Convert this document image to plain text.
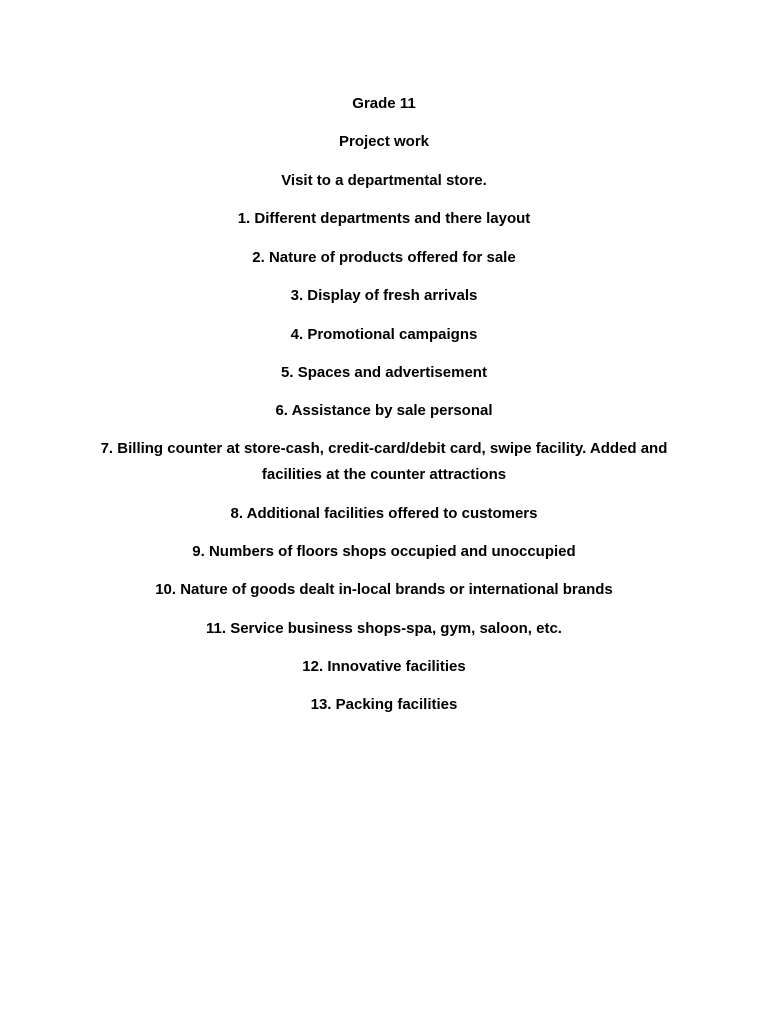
Grade 11
Project work
Visit to a departmental store.
1. Different departments and there layout
2. Nature of products offered for sale
3. Display of fresh arrivals
4. Promotional campaigns
5. Spaces and advertisement
6. Assistance by sale personal
7. Billing counter at store-cash, credit-card/debit card, swipe facility. Added and facilities at the counter attractions
8. Additional facilities offered to customers
9. Numbers of floors shops occupied and unoccupied
10. Nature of goods dealt in-local brands or international brands
11. Service business shops-spa, gym, saloon, etc.
12. Innovative facilities
13. Packing facilities
